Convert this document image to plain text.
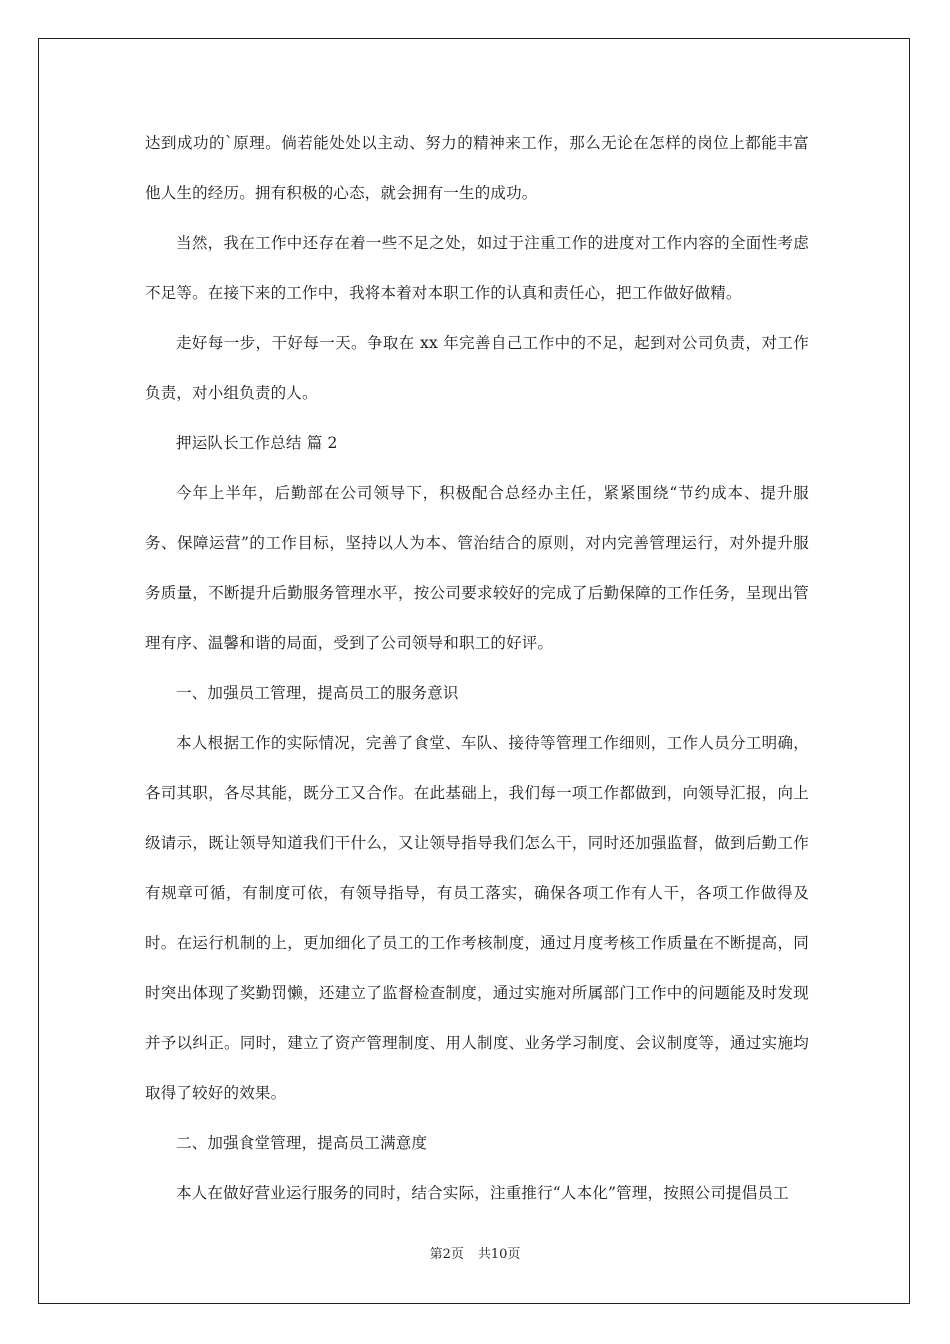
达到成功的`原理。倘若能处处以主动、努力的精神来工作，那么无论在怎样的岗位上都能丰富他人生的经历。拥有积极的心态，就会拥有一生的成功。

当然，我在工作中还存在着一些不足之处，如过于注重工作的进度对工作内容的全面性考虑不足等。在接下来的工作中，我将本着对本职工作的认真和责任心，把工作做好做精。

走好每一步，干好每一天。争取在 xx 年完善自己工作中的不足，起到对公司负责，对工作负责，对小组负责的人。

押运队长工作总结 篇 2

今年上半年，后勤部在公司领导下，积极配合总经办主任，紧紧围绕“节约成本、提升服务、保障运营”的工作目标，坚持以人为本、管治结合的原则，对内完善管理运行，对外提升服务质量，不断提升后勤服务管理水平，按公司要求较好的完成了后勤保障的工作任务，呈现出管理有序、温馨和谐的局面，受到了公司领导和职工的好评。

一、加强员工管理，提高员工的服务意识

本人根据工作的实际情况，完善了食堂、车队、接待等管理工作细则，工作人员分工明确，各司其职，各尽其能，既分工又合作。在此基础上，我们每一项工作都做到，向领导汇报，向上级请示，既让领导知道我们干什么，又让领导指导我们怎么干，同时还加强监督，做到后勤工作有规章可循，有制度可依，有领导指导，有员工落实，确保各项工作有人干，各项工作做得及时。在运行机制的上，更加细化了员工的工作考核制度，通过月度考核工作质量在不断提高，同时突出体现了奖勤罚懒，还建立了监督检查制度，通过实施对所属部门工作中的问题能及时发现并予以纠正。同时，建立了资产管理制度、用人制度、业务学习制度、会议制度等，通过实施均取得了较好的效果。

二、加强食堂管理，提高员工满意度

本人在做好营业运行服务的同时，结合实际，注重推行“人本化”管理，按照公司提倡员工

第2页 共10页
